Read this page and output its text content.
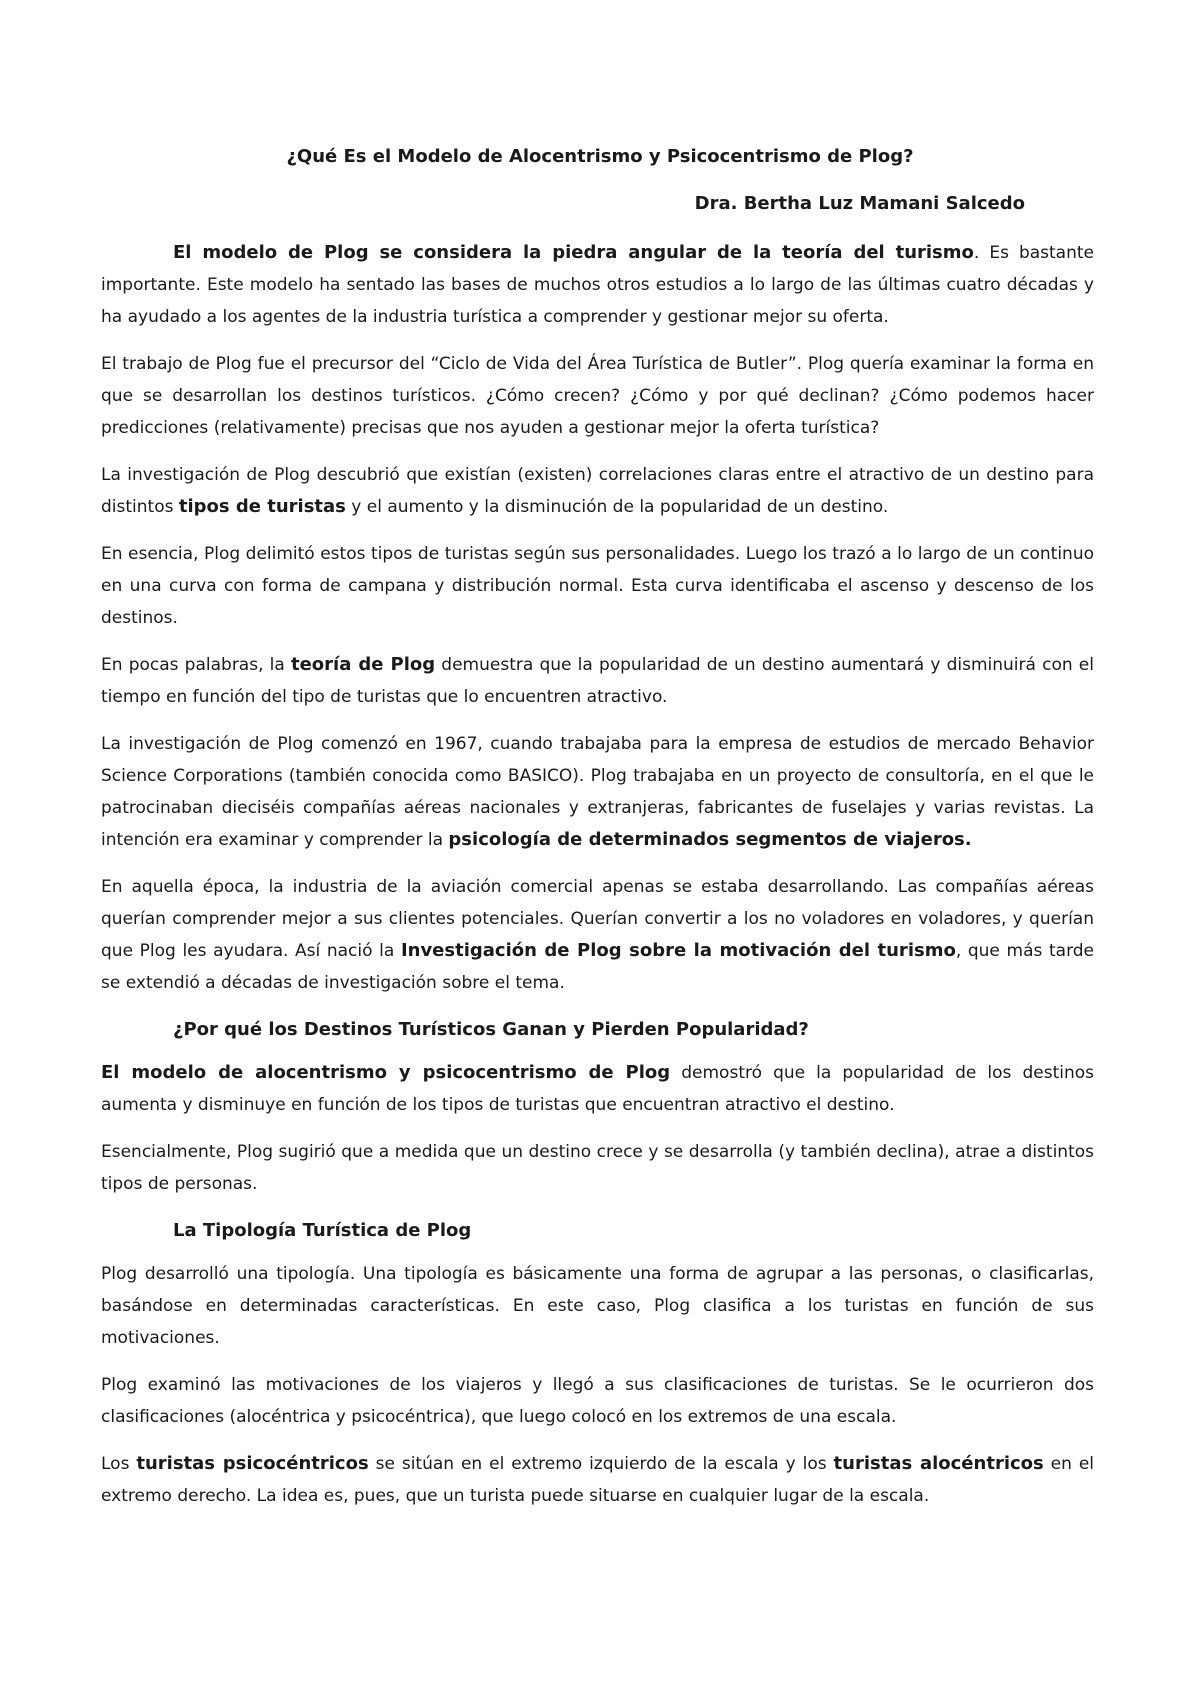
¿Qué Es el Modelo de Alocentrismo y Psicocentrismo de Plog?
Dra. Bertha Luz Mamani Salcedo

El modelo de Plog se considera la piedra angular de la teoría del turismo. Es bastante importante. Este modelo ha sentado las bases de muchos otros estudios a lo largo de las últimas cuatro décadas y ha ayudado a los agentes de la industria turística a comprender y gestionar mejor su oferta.

El trabajo de Plog fue el precursor del “Ciclo de Vida del Área Turística de Butler”. Plog quería examinar la forma en que se desarrollan los destinos turísticos. ¿Cómo crecen? ¿Cómo y por qué declinan? ¿Cómo podemos hacer predicciones (relativamente) precisas que nos ayuden a gestionar mejor la oferta turística?

La investigación de Plog descubrió que existían (existen) correlaciones claras entre el atractivo de un destino para distintos tipos de turistas y el aumento y la disminución de la popularidad de un destino.

En esencia, Plog delimitó estos tipos de turistas según sus personalidades. Luego los trazó a lo largo de un continuo en una curva con forma de campana y distribución normal. Esta curva identificaba el ascenso y descenso de los destinos.

En pocas palabras, la teoría de Plog demuestra que la popularidad de un destino aumentará y disminuirá con el tiempo en función del tipo de turistas que lo encuentren atractivo.

La investigación de Plog comenzó en 1967, cuando trabajaba para la empresa de estudios de mercado Behavior Science Corporations (también conocida como BASICO). Plog trabajaba en un proyecto de consultoría, en el que le patrocinaban dieciséis compañías aéreas nacionales y extranjeras, fabricantes de fuselajes y varias revistas. La intención era examinar y comprender la psicología de determinados segmentos de viajeros.

En aquella época, la industria de la aviación comercial apenas se estaba desarrollando. Las compañías aéreas querían comprender mejor a sus clientes potenciales. Querían convertir a los no voladores en voladores, y querían que Plog les ayudara. Así nació la Investigación de Plog sobre la motivación del turismo, que más tarde se extendió a décadas de investigación sobre el tema.

¿Por qué los Destinos Turísticos Ganan y Pierden Popularidad?

El modelo de alocentrismo y psicocentrismo de Plog demostró que la popularidad de los destinos aumenta y disminuye en función de los tipos de turistas que encuentran atractivo el destino.

Esencialmente, Plog sugirió que a medida que un destino crece y se desarrolla (y también declina), atrae a distintos tipos de personas.

La Tipología Turística de Plog

Plog desarrolló una tipología. Una tipología es básicamente una forma de agrupar a las personas, o clasificarlas, basándose en determinadas características. En este caso, Plog clasifica a los turistas en función de sus motivaciones.

Plog examinó las motivaciones de los viajeros y llegó a sus clasificaciones de turistas. Se le ocurrieron dos clasificaciones (alocéntrica y psicocéntrica), que luego colocó en los extremos de una escala.

Los turistas psicocéntricos se sitúan en el extremo izquierdo de la escala y los turistas alocéntricos en el extremo derecho. La idea es, pues, que un turista puede situarse en cualquier lugar de la escala.
